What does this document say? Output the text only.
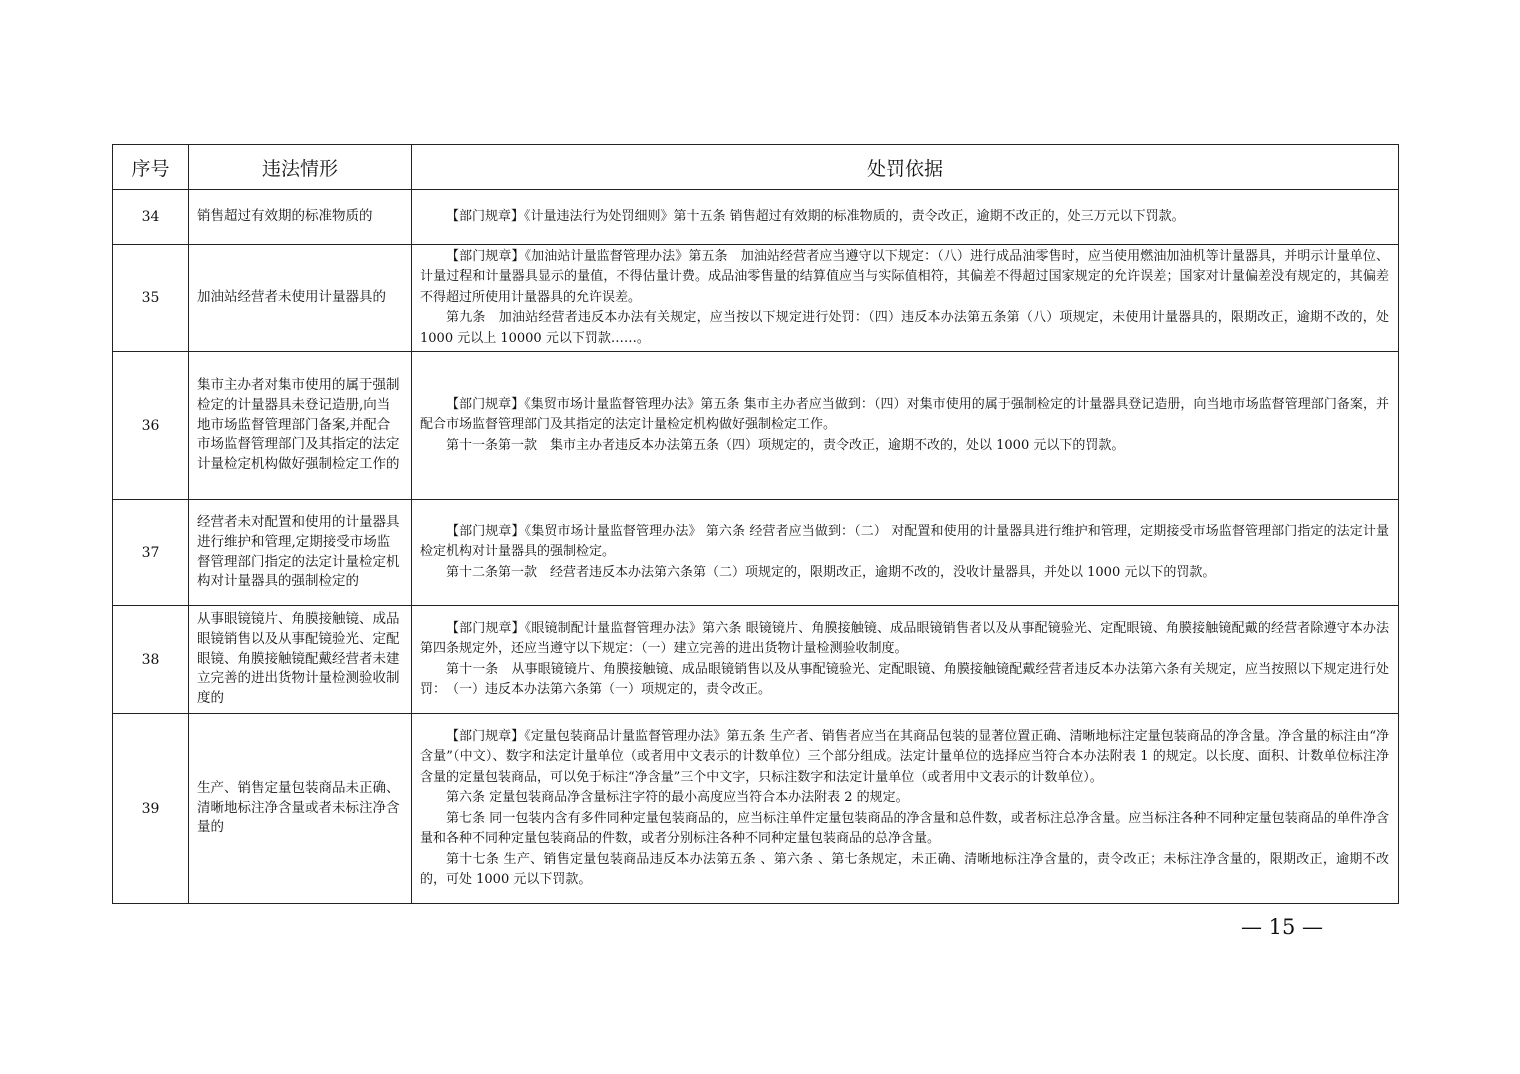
序号	违法情形	处罚依据
34	销售超过有效期的标准物质的	【部门规章】《计量违法行为处罚细则》第十五条 销售超过有效期的标准物质的，责令改正，逾期不改正的，处三万元以下罚款。

35	加油站经营者未使用计量器具的	【部门规章】《加油站计量监督管理办法》第五条　加油站经营者应当遵守以下规定：（八）进行成品油零售时，应当使用燃油加油机等计量器具，并明示计量单位、计量过程和计量器具显示的量值，不得估量计费。成品油零售量的结算值应当与实际值相符，其偏差不得超过国家规定的允许误差；国家对计量偏差没有规定的，其偏差不得超过所使用计量器具的允许误差。

第九条　加油站经营者违反本办法有关规定，应当按以下规定进行处罚：（四）违反本办法第五条第（八）项规定，未使用计量器具的，限期改正，逾期不改的，处 1000 元以上 10000 元以下罚款……。

36	集市主办者对集市使用的属于强制检定的计量器具未登记造册,向当地市场监督管理部门备案,并配合市场监督管理部门及其指定的法定计量检定机构做好强制检定工作的	【部门规章】《集贸市场计量监督管理办法》第五条 集市主办者应当做到：（四）对集市使用的属于强制检定的计量器具登记造册，向当地市场监督管理部门备案，并配合市场监督管理部门及其指定的法定计量检定机构做好强制检定工作。

第十一条第一款　集市主办者违反本办法第五条（四）项规定的，责令改正，逾期不改的，处以 1000 元以下的罚款。

37	经营者未对配置和使用的计量器具进行维护和管理,定期接受市场监督管理部门指定的法定计量检定机构对计量器具的强制检定的	【部门规章】《集贸市场计量监督管理办法》 第六条 经营者应当做到：（二） 对配置和使用的计量器具进行维护和管理，定期接受市场监督管理部门指定的法定计量检定机构对计量器具的强制检定。

第十二条第一款　经营者违反本办法第六条第（二）项规定的，限期改正，逾期不改的，没收计量器具，并处以 1000 元以下的罚款。

38	从事眼镜镜片、角膜接触镜、成品眼镜销售以及从事配镜验光、定配眼镜、角膜接触镜配戴经营者未建立完善的进出货物计量检测验收制度的	【部门规章】《眼镜制配计量监督管理办法》第六条 眼镜镜片、角膜接触镜、成品眼镜销售者以及从事配镜验光、定配眼镜、角膜接触镜配戴的经营者除遵守本办法第四条规定外，还应当遵守以下规定：（一）建立完善的进出货物计量检测验收制度。

第十一条　从事眼镜镜片、角膜接触镜、成品眼镜销售以及从事配镜验光、定配眼镜、角膜接触镜配戴经营者违反本办法第六条有关规定，应当按照以下规定进行处罚：　（一）违反本办法第六条第（一）项规定的，责令改正。

39	生产、销售定量包装商品未正确、清晰地标注净含量或者未标注净含量的	【部门规章】《定量包装商品计量监督管理办法》第五条 生产者、销售者应当在其商品包装的显著位置正确、清晰地标注定量包装商品的净含量。净含量的标注由“净含量”（中文）、数字和法定计量单位（或者用中文表示的计数单位）三个部分组成。法定计量单位的选择应当符合本办法附表 1 的规定。以长度、面积、计数单位标注净含量的定量包装商品，可以免于标注“净含量”三个中文字，只标注数字和法定计量单位（或者用中文表示的计数单位）。

第六条 定量包装商品净含量标注字符的最小高度应当符合本办法附表 2 的规定。

第七条 同一包装内含有多件同种定量包装商品的，应当标注单件定量包装商品的净含量和总件数，或者标注总净含量。应当标注各种不同种定量包装商品的单件净含量和各种不同种定量包装商品的件数，或者分别标注各种不同种定量包装商品的总净含量。

第十七条 生产、销售定量包装商品违反本办法第五条 、第六条 、第七条规定，未正确、清晰地标注净含量的，责令改正；未标注净含量的，限期改正，逾期不改的，可处 1000 元以下罚款。

— 15 —
